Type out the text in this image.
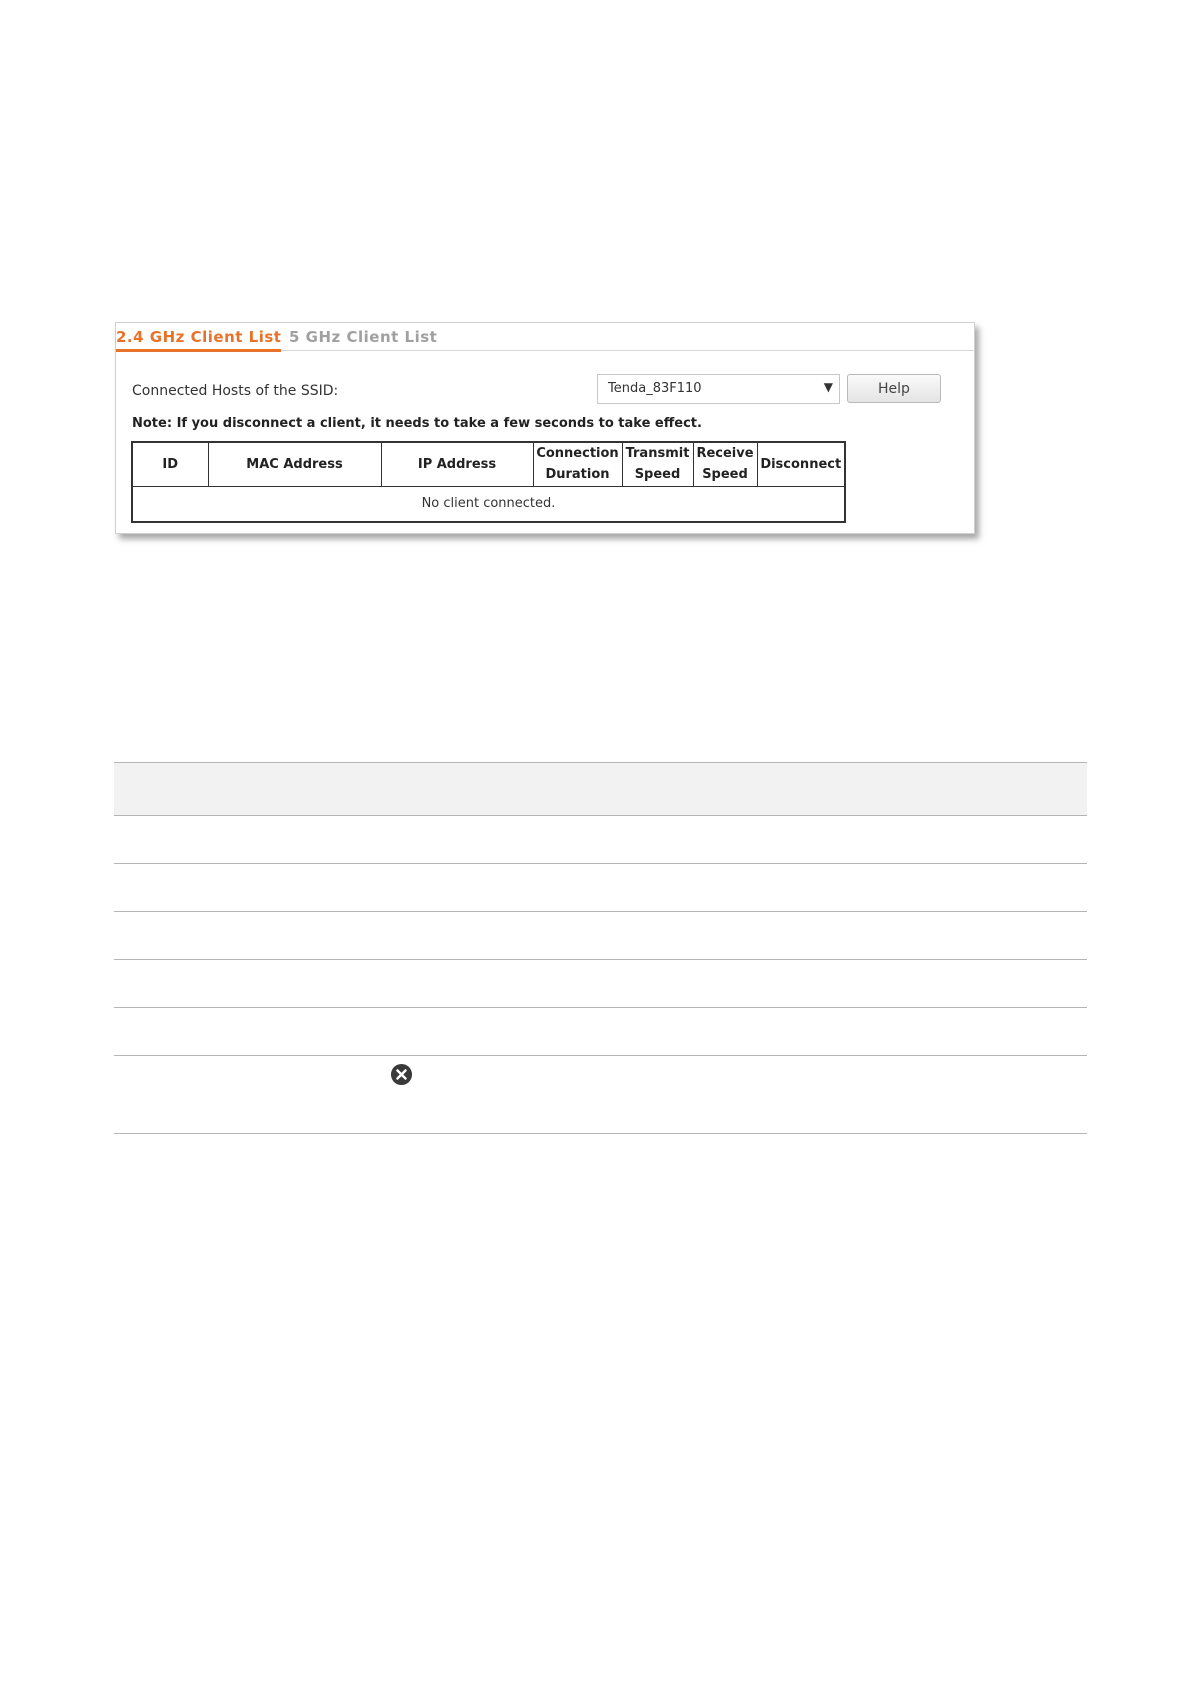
2.4 GHz Client List 5 GHz Client List
Connected Hosts of the SSID:	Tenda_83F110	▼	Help
Note: If you disconnect a client, it needs to take a few seconds to take effect.
ID	MAC Address	IP Address	Connection Duration	Transmit Speed	Receive Speed	Disconnect
No client connected.
